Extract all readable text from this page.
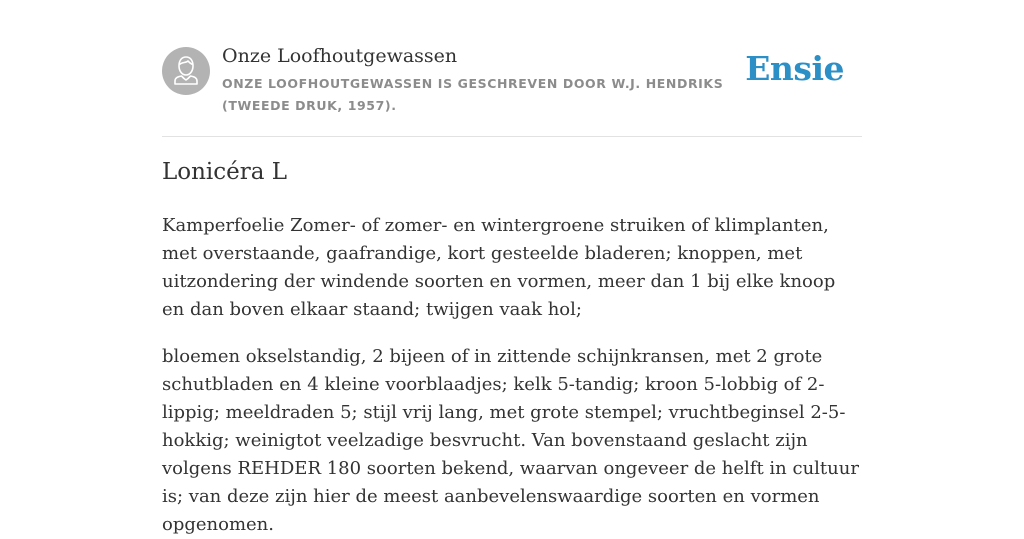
Onze Loofhoutgewassen
ONZE LOOFHOUTGEWASSEN IS GESCHREVEN DOOR W.J. HENDRIKS (TWEEDE DRUK, 1957).
Ensie
Lonicéra L

Kamperfoelie Zomer- of zomer- en wintergroene struiken of klimplanten, met overstaande, gaafrandige, kort gesteelde bladeren; knoppen, met uitzondering der windende soorten en vormen, meer dan 1 bij elke knoop en dan boven elkaar staand; twijgen vaak hol;

bloemen okselstandig, 2 bijeen of in zittende schijnkransen, met 2 grote schutbladen en 4 kleine voorblaadjes; kelk 5-tandig; kroon 5-lobbig of 2-lippig; meeldraden 5; stijl vrij lang, met grote stempel; vruchtbeginsel 2-5-hokkig; weinigtot veelzadige besvrucht. Van bovenstaand geslacht zijn volgens REHDER 180 soorten bekend, waarvan ongeveer de helft in cultuur is; van deze zijn hier de meest aanbevelenswaardige soorten en vormen opgenomen.
